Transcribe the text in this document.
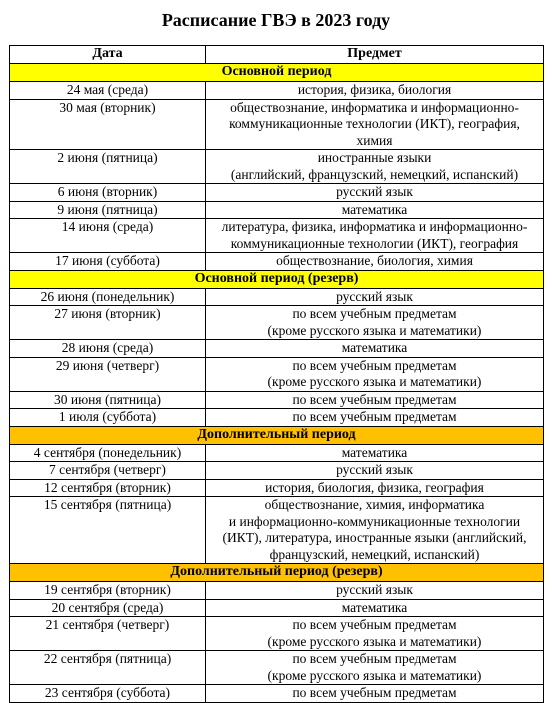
Расписание ГВЭ в 2023 году
Дата	Предмет
Основной период	
24 мая (среда)	история, физика, биология

30 мая (вторник)	обществознание, информатика и информационно-
коммуникационные технологии (ИКТ), география,
химия

2 июня (пятница)	иностранные языки
(английский, французский, немецкий, испанский)

6 июня (вторник)	русский язык

9 июня (пятница)	математика

14 июня (среда)	литература, физика, информатика и информационно-
коммуникационные технологии (ИКТ), география

17 июня (суббота)	обществознание, биология, химия

Основной период (резерв)	
26 июня (понедельник)	русский язык

27 июня (вторник)	по всем учебным предметам
(кроме русского языка и математики)

28 июня (среда)	математика

29 июня (четверг)	по всем учебным предметам
(кроме русского языка и математики)

30 июня (пятница)	по всем учебным предметам

1 июля (суббота)	по всем учебным предметам

Дополнительный период	
4 сентября (понедельник)	математика

7 сентября (четверг)	русский язык

12 сентября (вторник)	история, биология, физика, география

15 сентября (пятница)	обществознание, химия, информатика
и информационно-коммуникационные технологии
(ИКТ), литература, иностранные языки (английский,
французский, немецкий, испанский)

Дополнительный период (резерв)	
19 сентября (вторник)	русский язык

20 сентября (среда)	математика

21 сентября (четверг)	по всем учебным предметам
(кроме русского языка и математики)

22 сентября (пятница)	по всем учебным предметам
(кроме русского языка и математики)

23 сентября (суббота)	по всем учебным предметам
